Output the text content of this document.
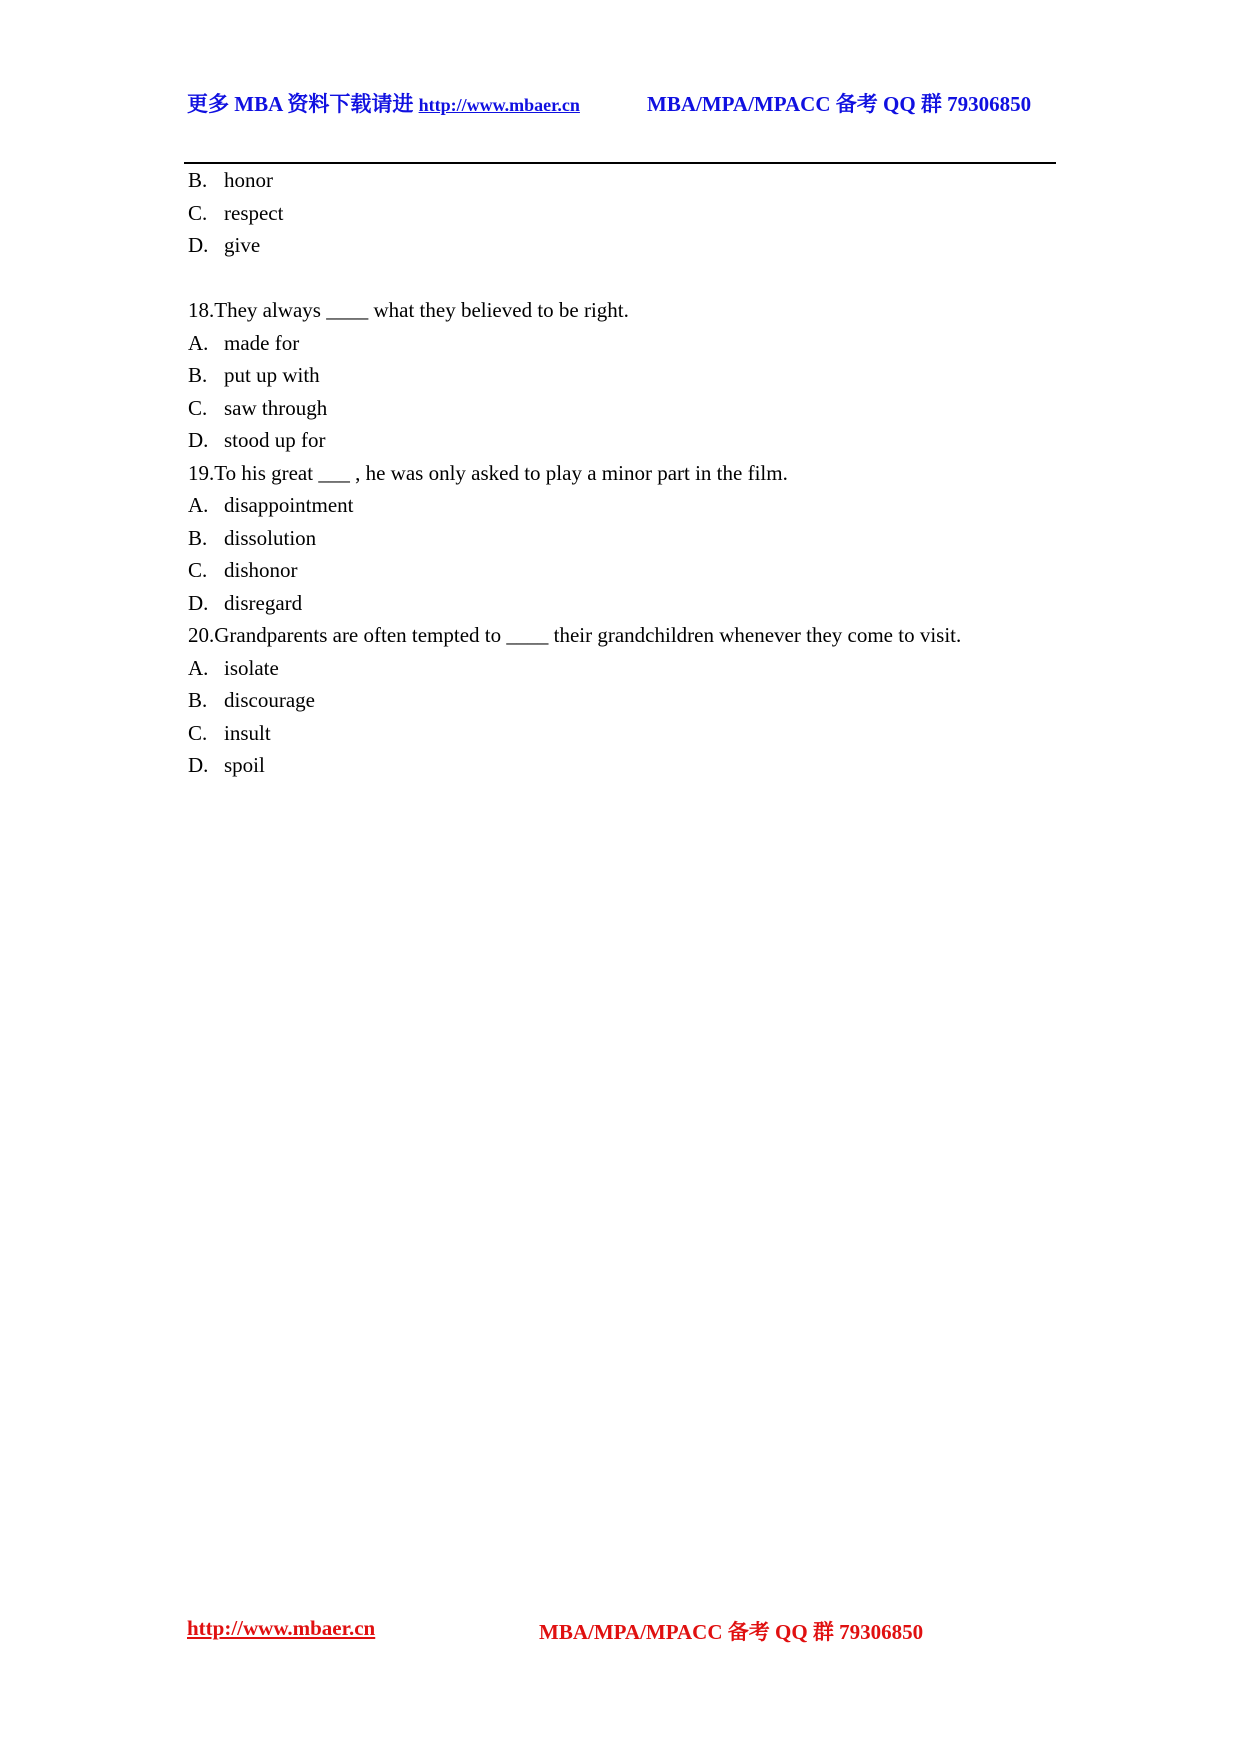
更多 MBA 资料下载请进 http://www.mbaer.cn	MBA/MPA/MPACC 备考 QQ 群 79306850
B. honor
C. respect
D. give
18.They always ____ what they believed to be right.
A. made for
B. put up with
C. saw through
D. stood up for
19.To his great ___ , he was only asked to play a minor part in the film.
A. disappointment
B. dissolution
C. dishonor
D. disregard
20.Grandparents are often tempted to ____ their grandchildren whenever they come to visit.
A. isolate
B. discourage
C. insult
D. spoil
http://www.mbaer.cn	MBA/MPA/MPACC 备考 QQ 群 79306850
